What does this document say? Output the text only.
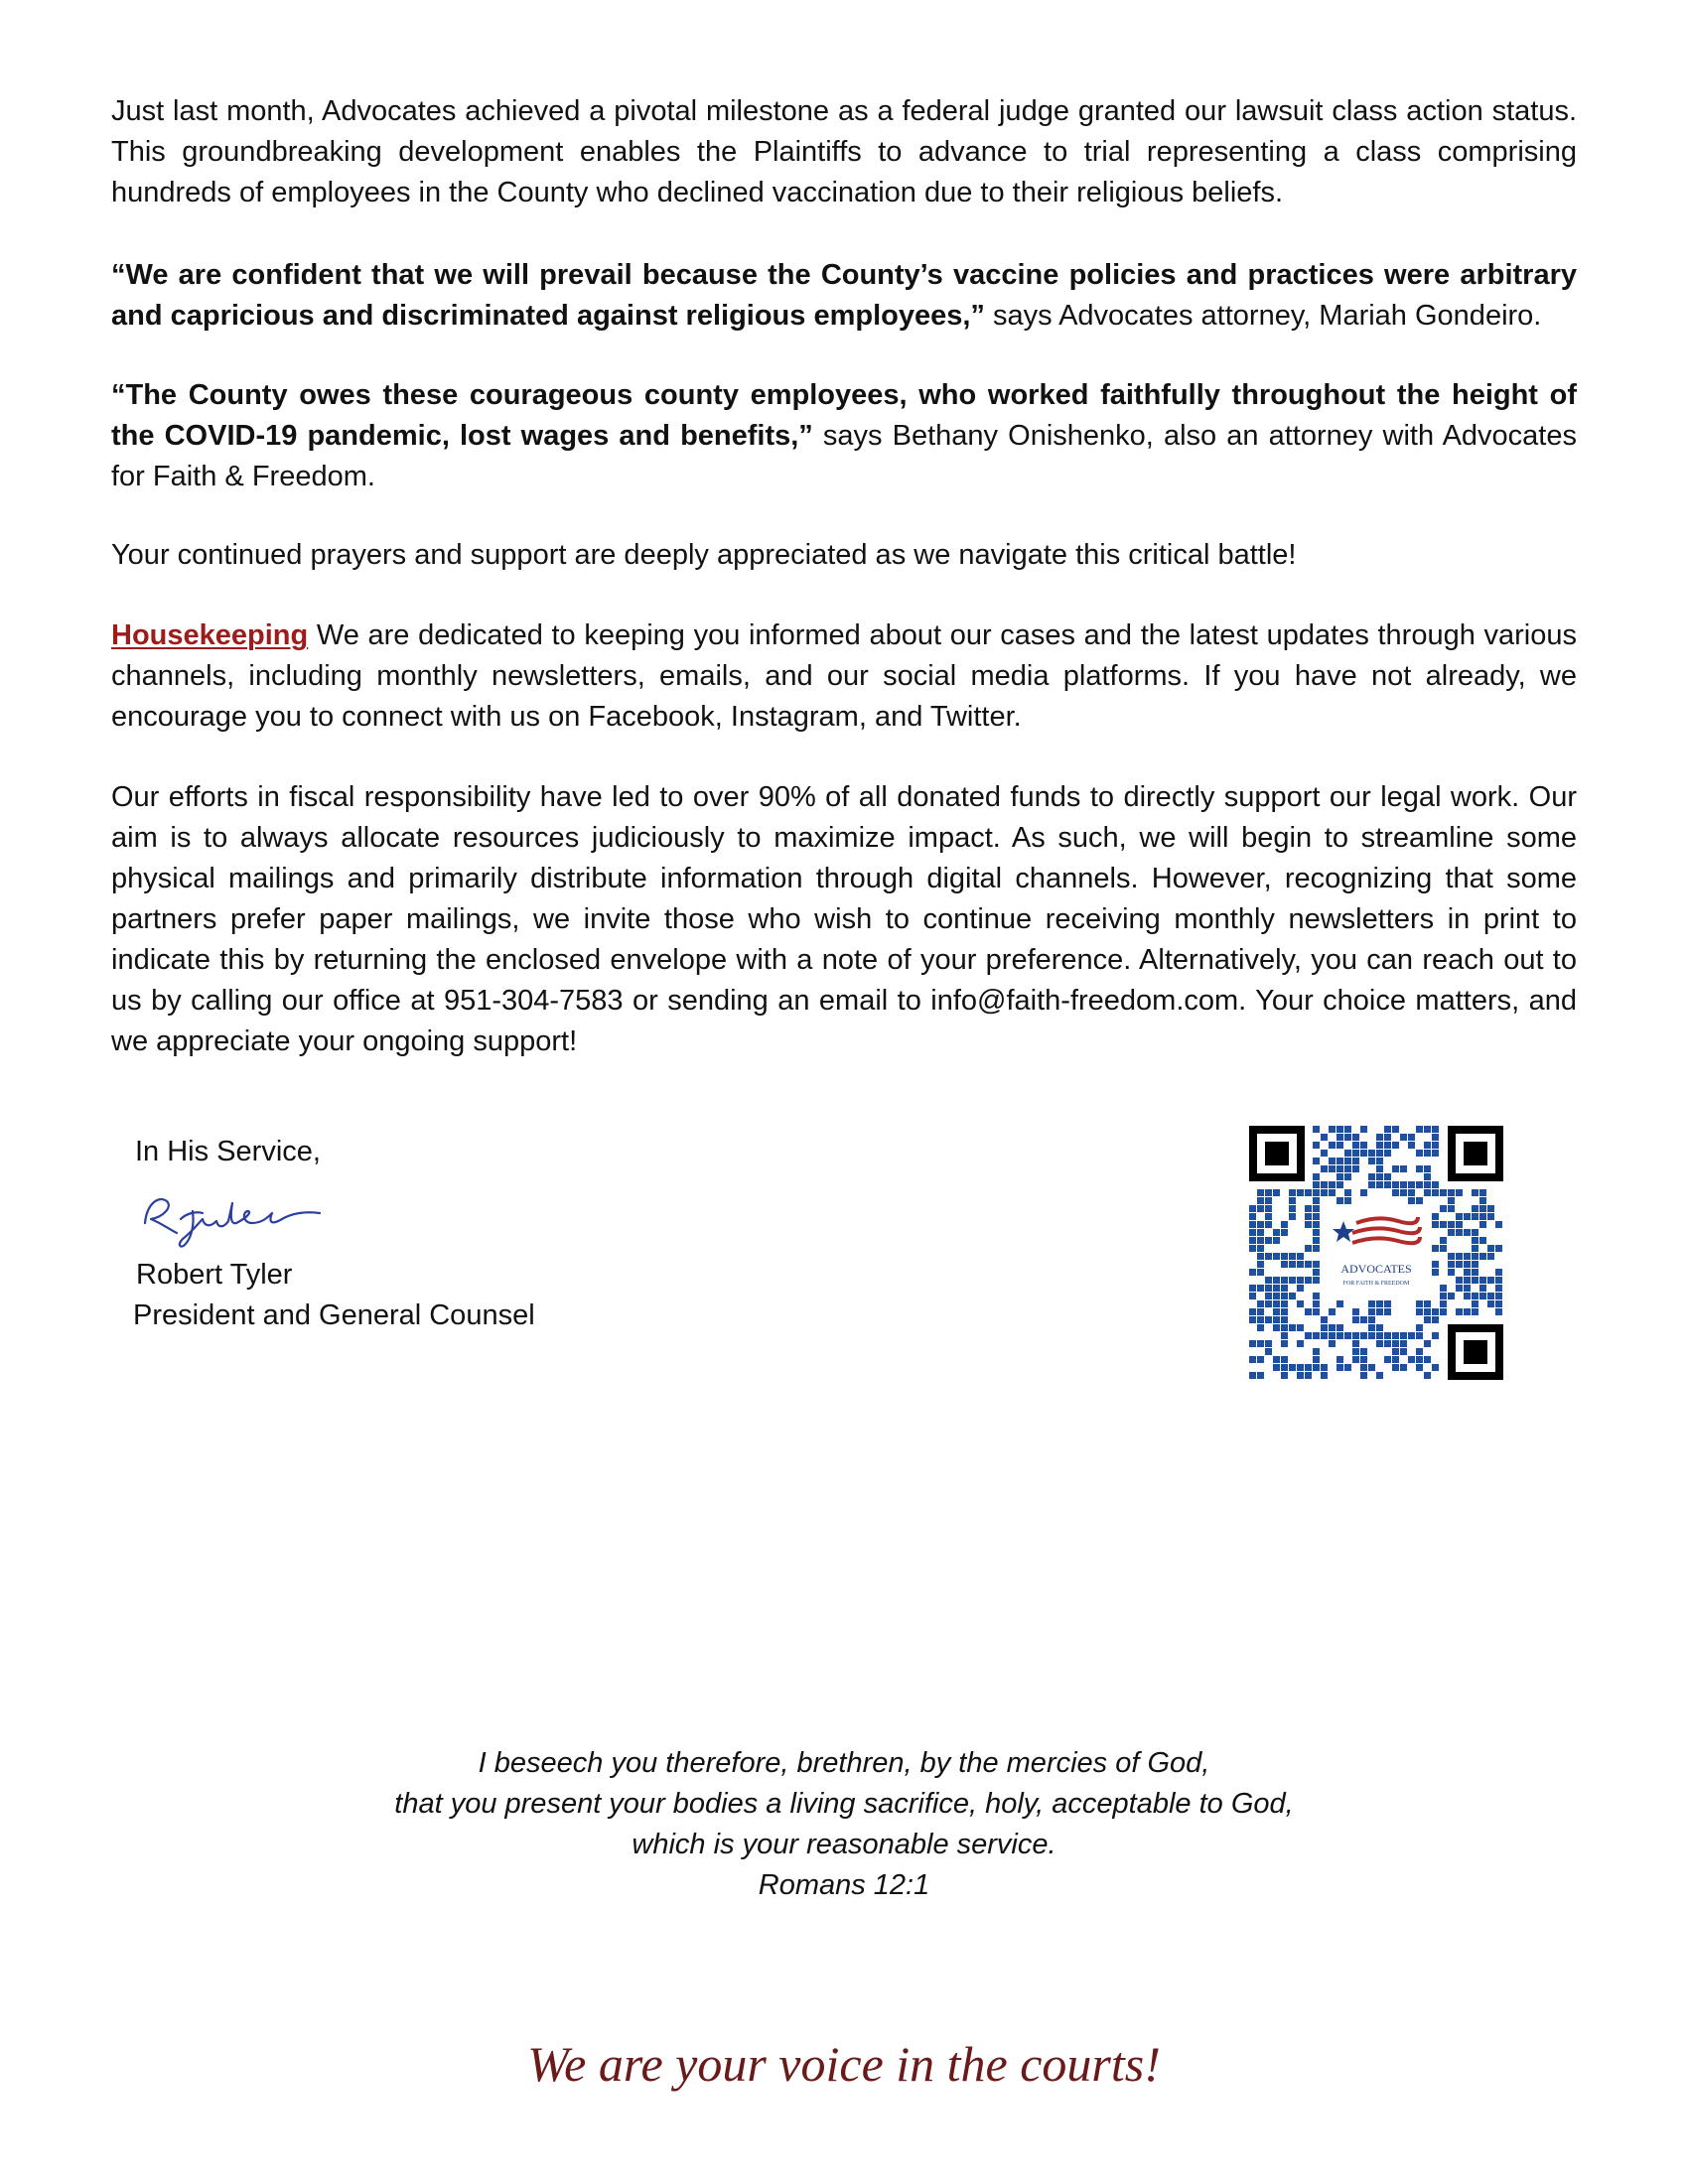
Just last month, Advocates achieved a pivotal milestone as a federal judge granted our lawsuit class action status. This groundbreaking development enables the Plaintiffs to advance to trial representing a class comprising hundreds of employees in the County who declined vaccination due to their religious beliefs.

“We are confident that we will prevail because the County’s vaccine policies and practices were arbitrary and capricious and discriminated against religious employees,” says Advocates attorney, Mariah Gondeiro.

“The County owes these courageous county employees, who worked faithfully throughout the height of the COVID-19 pandemic, lost wages and benefits,” says Bethany Onishenko, also an attorney with Advocates for Faith & Freedom.

Your continued prayers and support are deeply appreciated as we navigate this critical battle!

Housekeeping We are dedicated to keeping you informed about our cases and the latest updates through various channels, including monthly newsletters, emails, and our social media platforms. If you have not already, we encourage you to connect with us on Facebook, Instagram, and Twitter.

Our efforts in fiscal responsibility have led to over 90% of all donated funds to directly support our legal work. Our aim is to always allocate resources judiciously to maximize impact. As such, we will begin to streamline some physical mailings and primarily distribute information through digital channels. However, recognizing that some partners prefer paper mailings, we invite those who wish to continue receiving monthly newsletters in print to indicate this by returning the enclosed envelope with a note of your preference. Alternatively, you can reach out to us by calling our office at 951-304-7583 or sending an email to info@faith-freedom.com. Your choice matters, and we appreciate your ongoing support!

In His Service,
Robert Tyler
President and General Counsel
ADVOCATES
FOR FAITH & FREEDOM
I beseech you therefore, brethren, by the mercies of God,
that you present your bodies a living sacrifice, holy, acceptable to God,
which is your reasonable service.
Romans 12:1
We are your voice in the courts!
